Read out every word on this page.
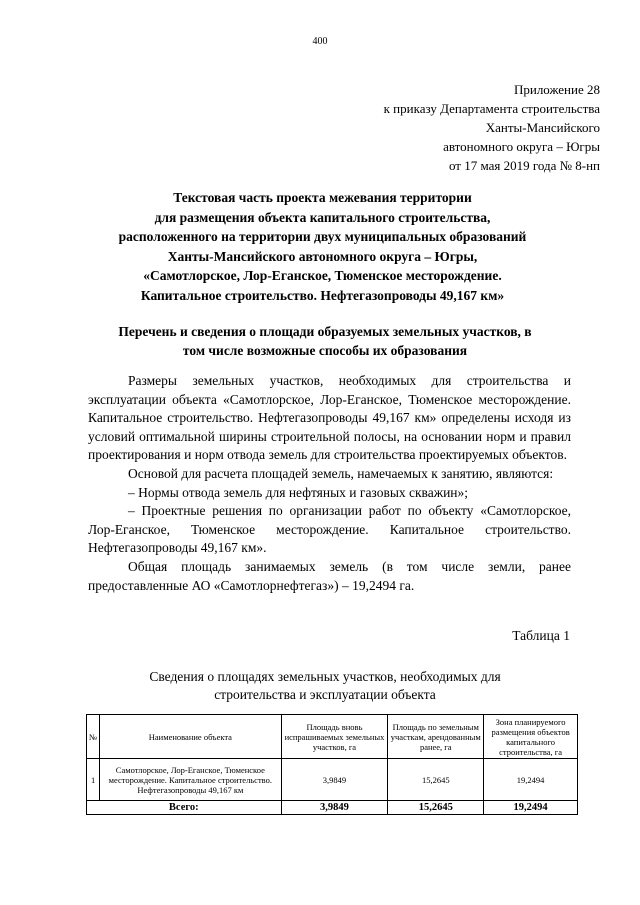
400
Приложение 28
к приказу Департамента строительства
Ханты-Мансийского
автономного округа – Югры
от 17 мая 2019 года № 8-нп
Текстовая часть проекта межевания территории
для размещения объекта капитального строительства,
расположенного на территории двух муниципальных образований
Ханты-Мансийского автономного округа – Югры,
«Самотлорское, Лор-Еганское, Тюменское месторождение.
Капитальное строительство. Нефтегазопроводы 49,167 км»
Перечень и сведения о площади образуемых земельных участков, в
том числе возможные способы их образования

Размеры земельных участков, необходимых для строительства и эксплуатации объекта «Самотлорское, Лор-Еганское, Тюменское месторождение. Капитальное строительство. Нефтегазопроводы 49,167 км» определены исходя из условий оптимальной ширины строительной полосы, на основании норм и правил проектирования и норм отвода земель для строительства проектируемых объектов.

Основой для расчета площадей земель, намечаемых к занятию, являются:

– Нормы отвода земель для нефтяных и газовых скважин»;

– Проектные решения по организации работ по объекту «Самотлорское, Лор-Еганское, Тюменское месторождение. Капитальное строительство. Нефтегазопроводы 49,167 км».

Общая площадь занимаемых земель (в том числе земли, ранее предоставленные АО «Самотлорнефтегаз») – 19,2494 га.

Таблица 1
Сведения о площадях земельных участков, необходимых для
строительства и эксплуатации объекта
№	Наименование объекта	Площадь вновь испрашиваемых земельных участков, га	Площадь по земельным участкам, арендованным ранее, га	Зона планируемого размещения объектов капитального строительства, га
1	Самотлорское, Лор-Еганское, Тюменское месторождение. Капитальное строительство. Нефтегазопроводы 49,167 км	3,9849	15,2645	19,2494
Всего:		3,9849	15,2645	19,2494
